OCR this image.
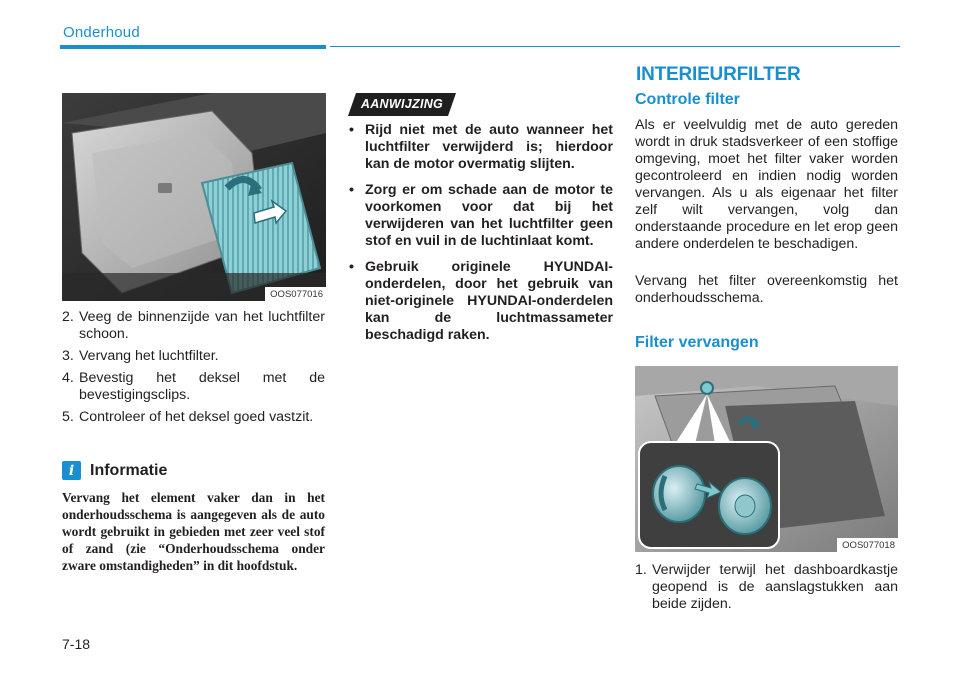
Onderhoud
OOS077016
2. Veeg de binnenzijde van het luchtfilter schoon.
3. Vervang het luchtfilter.
4. Bevestig het deksel met de bevestigingsclips.
5. Controleer of het deksel goed vastzit.
i Informatie
Vervang het element vaker dan in het onderhoudsschema is aangegeven als de auto wordt gebruikt in gebieden met zeer veel stof of zand (zie “Onderhoudsschema onder zware omstandigheden” in dit hoofdstuk.
AANWIJZING
• Rijd niet met de auto wanneer het luchtfilter verwijderd is; hierdoor kan de motor overmatig slijten.
• Zorg er om schade aan de motor te voorkomen voor dat bij het verwijderen van het luchtfilter geen stof en vuil in de luchtinlaat komt.
• Gebruik originele HYUNDAI-onderdelen, door het gebruik van niet-originele HYUNDAI-onderdelen kan de luchtmassameter beschadigd raken.
INTERIEURFILTER
Controle filter
Als er veelvuldig met de auto gereden wordt in druk stadsverkeer of een stoffige omgeving, moet het filter vaker worden gecontroleerd en indien nodig worden vervangen. Als u als eigenaar het filter zelf wilt vervangen, volg dan onderstaande procedure en let erop geen andere onderdelen te beschadigen.
Vervang het filter overeenkomstig het onderhoudsschema.
Filter vervangen
OOS077018
1. Verwijder terwijl het dashboardkastje geopend is de aanslagstukken aan beide zijden.
7-18
